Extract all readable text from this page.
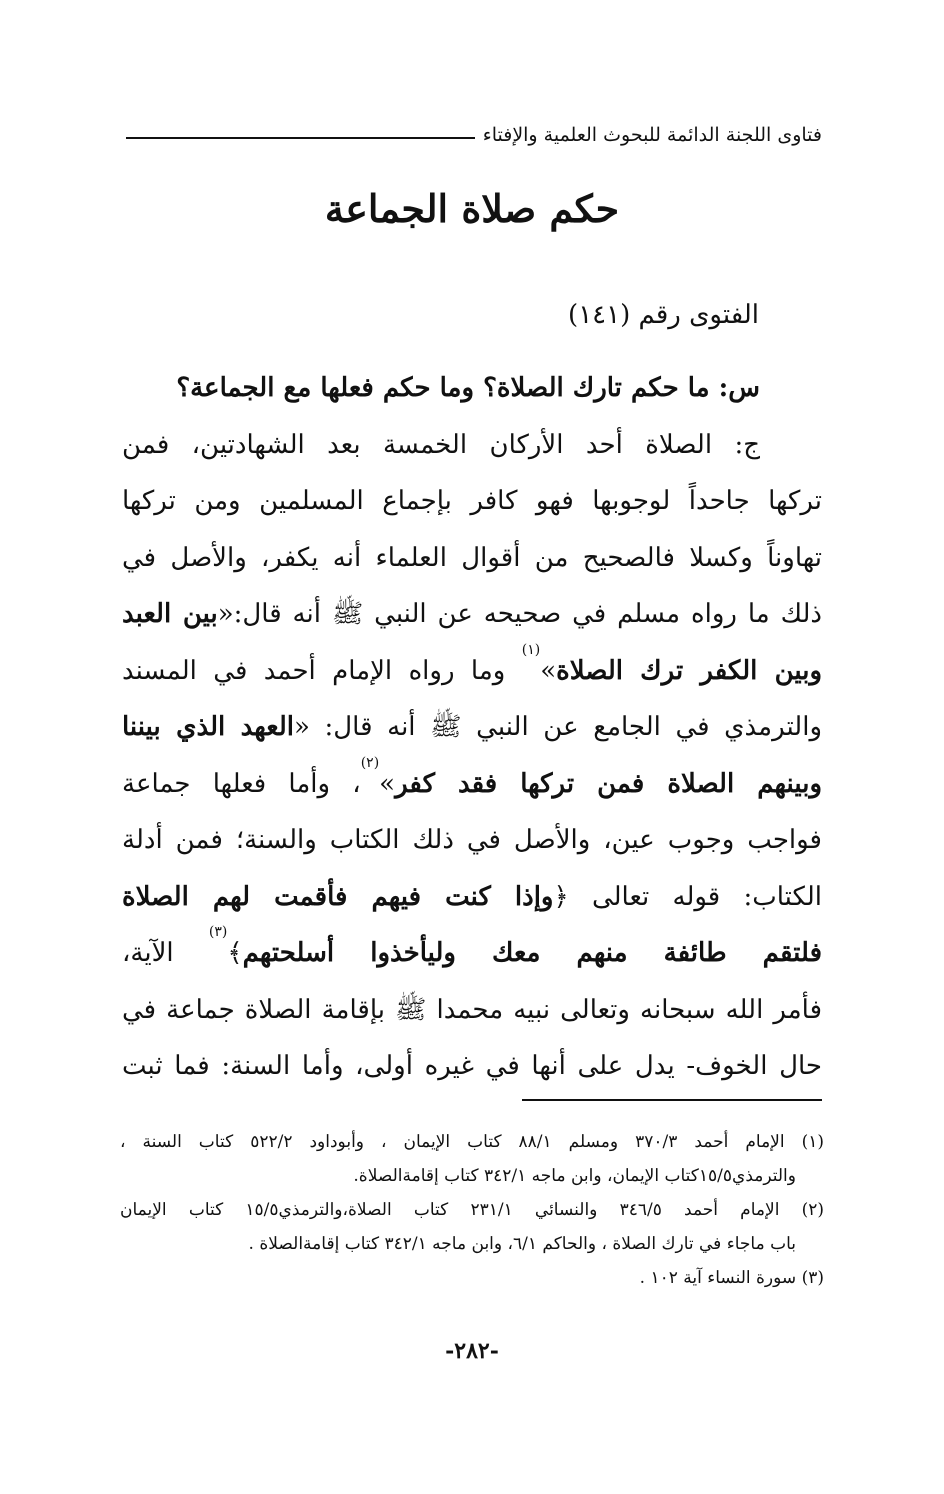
فتاوى اللجنة الدائمة للبحوث العلمية والإفتاء
حكم صلاة الجماعة
الفتوى رقم (١٤١)
س: ما حكم تارك الصلاة؟ وما حكم فعلها مع الجماعة؟
ج: الصلاة أحد الأركان الخمسة بعد الشهادتين، فمن
تركها جاحداً لوجوبها فهو كافر بإجماع المسلمين ومن تركها
تهاوناً وكسلا فالصحيح من أقوال العلماء أنه يكفر، والأصل في
ذلك ما رواه مسلم في صحيحه عن النبي ﷺ أنه قال:«بين العبد
وبين الكفر ترك الصلاة»$^{(١)}$ وما رواه الإمام أحمد في المسند
والترمذي في الجامع عن النبي ﷺ أنه قال: «العهد الذي بيننا
وبينهم الصلاة فمن تركها فقد كفر»$^{(٢)}$، وأما فعلها جماعة
فواجب وجوب عين، والأصل في ذلك الكتاب والسنة؛ فمن أدلة
الكتاب: قوله تعالى ﴿وإذا كنت فيهم فأقمت لهم الصلاة
فلتقم طائفة منهم معك وليأخذوا أسلحتهم﴾$^{(٣)}$ الآية،
فأمر الله سبحانه وتعالى نبيه محمدا ﷺ بإقامة الصلاة جماعة في
حال الخوف- يدل على أنها في غيره أولى، وأما السنة: فما ثبت
(١) الإمام أحمد ٣٧٠/٣ ومسلم ٨٨/١ كتاب الإيمان ، وأبوداود ٥٢٢/٢ كتاب السنة ،
والترمذي١٥/٥كتاب الإيمان، وابن ماجه ٣٤٢/١ كتاب إقامةالصلاة.
(٢) الإمام أحمد ٣٤٦/٥ والنسائي ٢٣١/١ كتاب الصلاة،والترمذي١٥/٥ كتاب الإيمان
باب ماجاء في تارك الصلاة ، والحاكم ٦/١، وابن ماجه ٣٤٢/١ كتاب إقامةالصلاة .
(٣) سورة النساء آية ١٠٢ .
-٢٨٢-
